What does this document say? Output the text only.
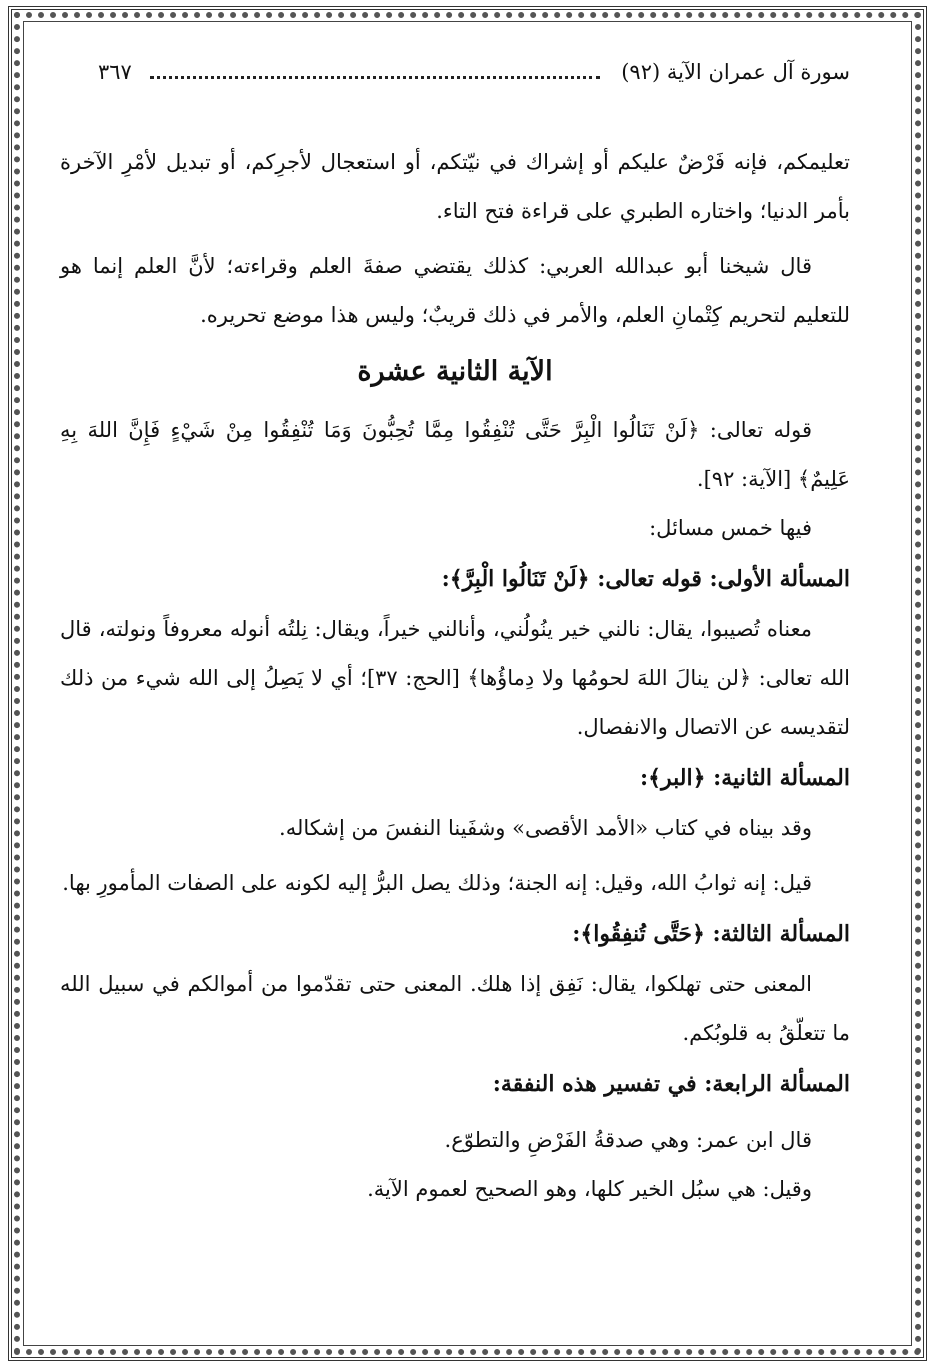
سورة آل عمران الآية (٩٢)
٣٦٧

تعليمكم، فإنه فَرْضٌ عليكم أو إشراك في نيّتكم، أو استعجال لأجرِكم، أو تبديل لأمْرِ الآخرة بأمر الدنيا؛ واختاره الطبري على قراءة فتح التاء.

قال شيخنا أبو عبدالله العربي: كذلك يقتضي صفةَ العلم وقراءته؛ لأنَّ العلم إنما هو للتعليم لتحريم كِتْمانِ العلم، والأمر في ذلك قريبٌ؛ وليس هذا موضع تحريره.

الآية الثانية عشرة

قوله تعالى: ﴿لَنْ تَنَالُوا الْبِرَّ حَتَّى تُنْفِقُوا مِمَّا تُحِبُّونَ وَمَا تُنْفِقُوا مِنْ شَيْءٍ فَإِنَّ اللهَ بِهِ عَلِيمٌ﴾ [الآية: ٩٢].

فيها خمس مسائل:

المسألة الأولى: قوله تعالى: ﴿لَنْ تَنَالُوا الْبِرَّ﴾:

معناه تُصيبوا، يقال: نالني خير ينُولُني، وأنالني خيراً، ويقال: نِلتُه أنوله معروفاً ونولته، قال الله تعالى: ﴿لن ينالَ اللهَ لحومُها ولا دِماؤُها﴾ [الحج: ٣٧]؛ أي لا يَصِلُ إلى الله شيء من ذلك لتقديسه عن الاتصال والانفصال.

المسألة الثانية: ﴿البر﴾:

وقد بيناه في كتاب «الأمد الأقصى» وشفَينا النفسَ من إشكاله.

قيل: إنه ثوابُ الله، وقيل: إنه الجنة؛ وذلك يصل البرُّ إليه لكونه على الصفات المأمورِ بها.

المسألة الثالثة: ﴿حَتَّى تُنفِقُوا﴾:

المعنى حتى تهلكوا، يقال: نَفِق إذا هلك. المعنى حتى تقدّموا من أموالكم في سبيل الله ما تتعلّقُ به قلوبُكم.

المسألة الرابعة: في تفسير هذه النفقة:

قال ابن عمر: وهي صدقةُ الفَرْضِ والتطوّع.

وقيل: هي سبُل الخير كلها، وهو الصحيح لعموم الآية.
